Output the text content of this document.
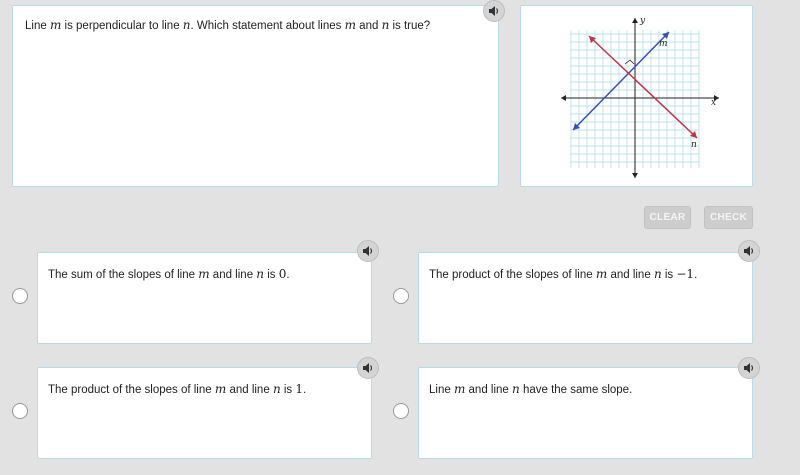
Line m is perpendicular to line n. Which statement about lines m and n is true?
x
y
m
n
CLEAR	CHECK
The sum of the slopes of line m and line n is 0.	The product of the slopes of line m and line n is −1.
The product of the slopes of line m and line n is 1.	Line m and line n have the same slope.
